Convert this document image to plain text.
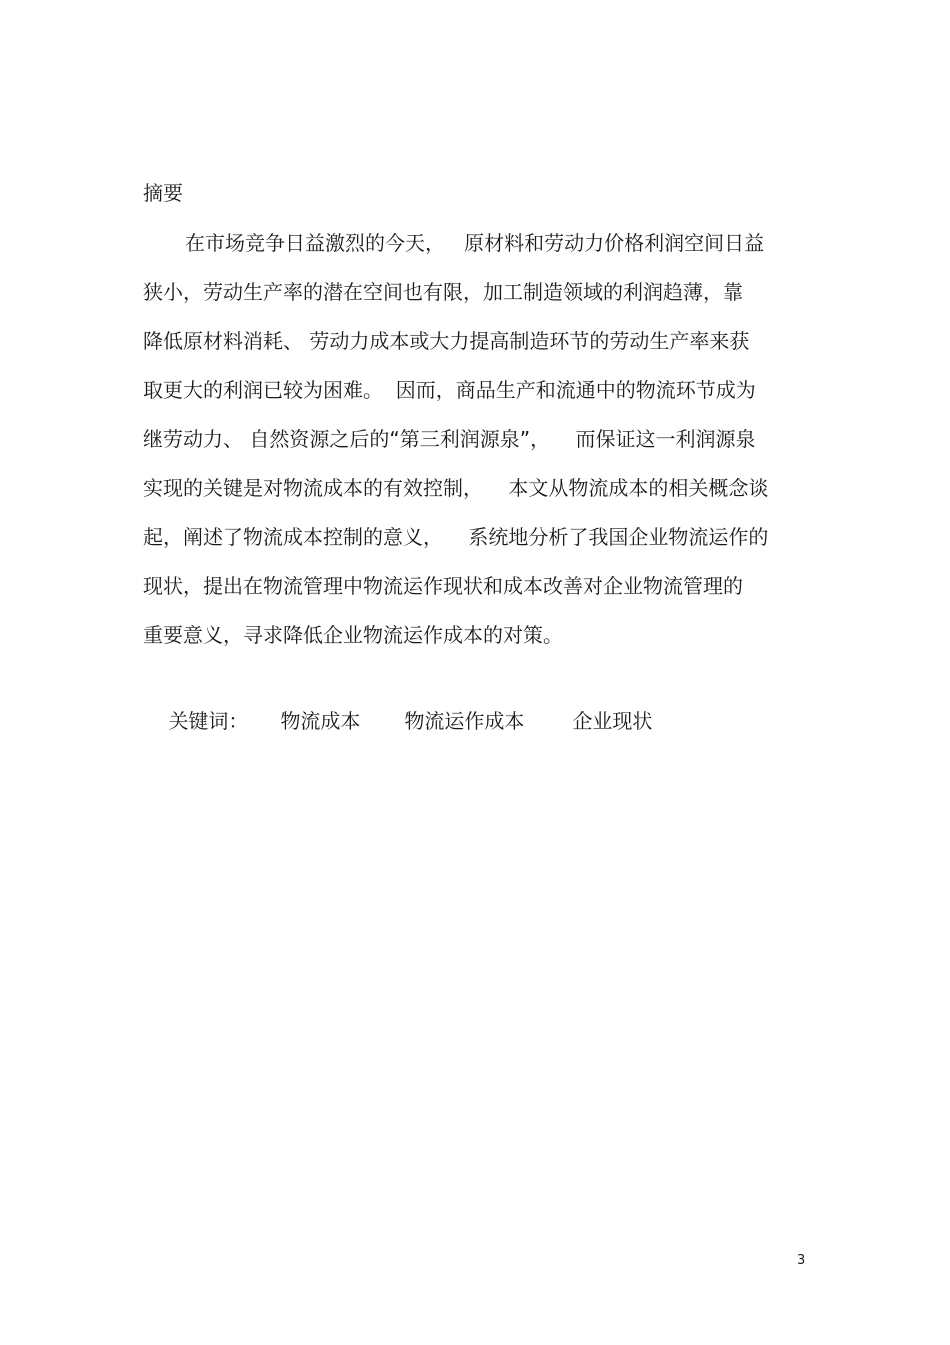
摘要
在市场竞争日益激烈的今天，   原材料和劳动力价格利润空间日益
狭小，劳动生产率的潜在空间也有限，加工制造领域的利润趋薄，靠
降低原材料消耗、 劳动力成本或大力提高制造环节的劳动生产率来获
取更大的利润已较为困难。  因而，商品生产和流通中的物流环节成为
继劳动力、 自然资源之后的“第三利润源泉”，    而保证这一利润源泉
实现的关键是对物流成本的有效控制，    本文从物流成本的相关概念谈
起，阐述了物流成本控制的意义，    系统地分析了我国企业物流运作的
现状，提出在物流管理中物流运作现状和成本改善对企业物流管理的
重要意义，寻求降低企业物流运作成本的对策。

关键词： 物流成本 物流运作成本 企业现状

3
